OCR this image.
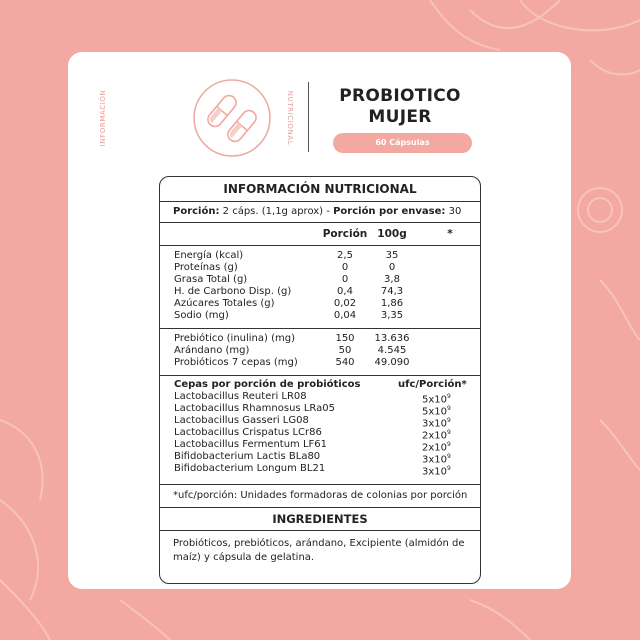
INFORMACIÓN	NUTRICIONAL	PROBIOTICO
MUJER
60 Cápsulas
INFORMACIÓN NUTRICIONAL
Porción: 2 cáps. (1,1g aprox) - Porción por envase: 30
Porción 100g	*
Energía (kcal)	2,5	35
Proteínas (g)	0	0
Grasa Total (g)	0	3,8
H. de Carbono Disp. (g)	0,4	74,3
Azúcares Totales (g)	0,02	1,86
Sodio (mg)	0,04	3,35
Prebiótico (inulina) (mg)	150	13.636
Arándano (mg)	50	4.545
Probióticos 7 cepas (mg)	540	49.090
Cepas por porción de probióticos	ufc/Porción*
Lactobacillus Reuteri LR08	$5x10^9$
Lactobacillus Rhamnosus LRa05	$5x10^9$
Lactobacillus Gasseri LG08	$3x10^9$
Lactobacillus Crispatus LCr86	$2x10^9$
Lactobacillus Fermentum LF61	$2x10^9$
Bifidobacterium Lactis BLa80	$3x10^9$
Bifidobacterium Longum BL21	$3x10^9$
*ufc/porción: Unidades formadoras de colonias por porción
INGREDIENTES
Probióticos, prebióticos, arándano, Excipiente (almidón de maíz) y cápsula de gelatina.
